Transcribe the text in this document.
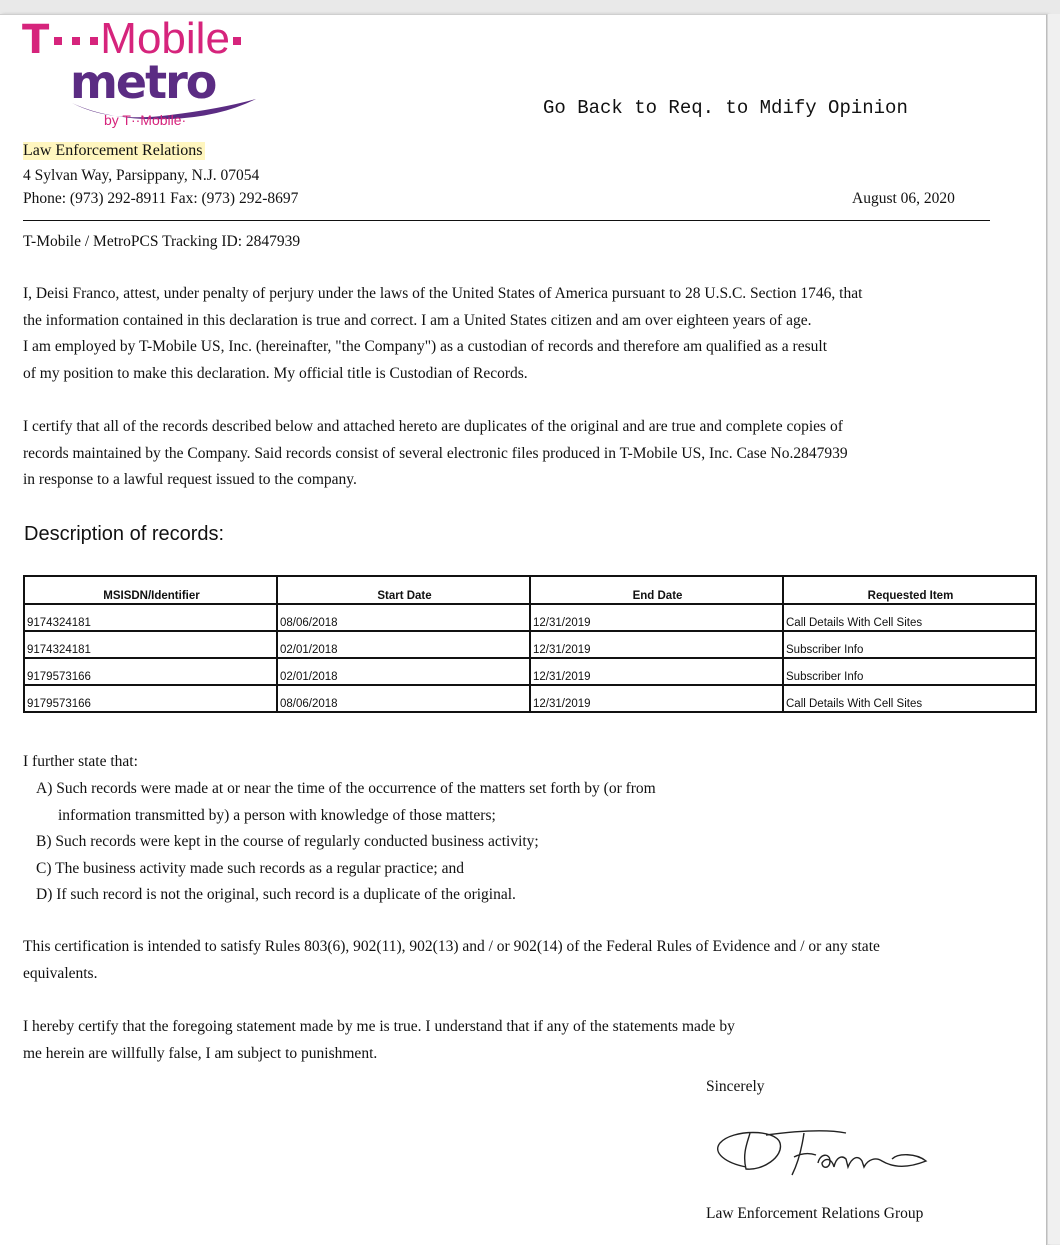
T Mobile
metro
by T··Mobile·
Go Back to Req. to Mdify Opinion
Law Enforcement Relations
4 Sylvan Way, Parsippany, N.J. 07054
Phone: (973) 292-8911 Fax: (973) 292-8697	August 06, 2020
T-Mobile / MetroPCS Tracking ID: 2847939
I, Deisi Franco, attest, under penalty of perjury under the laws of the United States of America pursuant to 28 U.S.C. Section 1746, that
the information contained in this declaration is true and correct. I am a United States citizen and am over eighteen years of age.
I am employed by T-Mobile US, Inc. (hereinafter, "the Company") as a custodian of records and therefore am qualified as a result
of my position to make this declaration. My official title is Custodian of Records.
I certify that all of the records described below and attached hereto are duplicates of the original and are true and complete copies of
records maintained by the Company. Said records consist of several electronic files produced in T-Mobile US, Inc. Case No.2847939
in response to a lawful request issued to the company.
Description of records:
MSISDN/Identifier	Start Date	End Date	Requested Item
9174324181	08/06/2018	12/31/2019	Call Details With Cell Sites
9174324181	02/01/2018	12/31/2019	Subscriber Info
9179573166	02/01/2018	12/31/2019	Subscriber Info
9179573166	08/06/2018	12/31/2019	Call Details With Cell Sites
I further state that:
A) Such records were made at or near the time of the occurrence of the matters set forth by (or from
information transmitted by) a person with knowledge of those matters;
B) Such records were kept in the course of regularly conducted business activity;
C) The business activity made such records as a regular practice; and
D) If such record is not the original, such record is a duplicate of the original.
This certification is intended to satisfy Rules 803(6), 902(11), 902(13) and / or 902(14) of the Federal Rules of Evidence and / or any state
equivalents.
I hereby certify that the foregoing statement made by me is true. I understand that if any of the statements made by
me herein are willfully false, I am subject to punishment.
Sincerely
Law Enforcement Relations Group
